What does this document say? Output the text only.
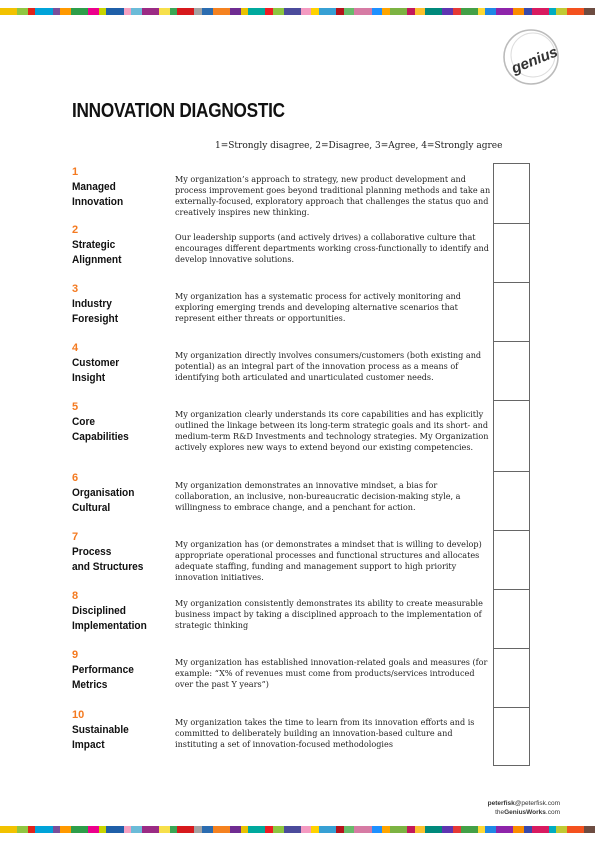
genius
INNOVATION DIAGNOSTIC
1=Strongly disagree, 2=Disagree, 3=Agree, 4=Strongly agree
1
Managed
Innovation
My organization’s approach to strategy, new product development and process improvement goes beyond traditional planning methods and take an externally-focused, exploratory approach that challenges the status quo and creatively inspires new thinking.
2
Strategic
Alignment
Our leadership supports (and actively drives) a collaborative culture that encourages different departments working cross-functionally to identify and develop innovative solutions.
3
Industry
Foresight
My organization has a systematic process for actively monitoring and exploring emerging trends and developing alternative scenarios that represent either threats or opportunities.
4
Customer
Insight
My organization directly involves consumers/customers (both existing and potential) as an integral part of the innovation process as a means of identifying both articulated and unarticulated customer needs.
5
Core
Capabilities
My organization clearly understands its core capabilities and has explicitly outlined the linkage between its long-term strategic goals and its short- and medium-term R&D Investments and technology strategies. My Organization actively explores new ways to extend beyond our existing competencies.
6
Organisation
Cultural
My organization demonstrates an innovative mindset, a bias for collaboration, an inclusive, non-bureaucratic decision-making style, a willingness to embrace change, and a penchant for action.
7
Process
and Structures
My organization has (or demonstrates a mindset that is willing to develop) appropriate operational processes and functional structures and allocates adequate staffing, funding and management support to high priority innovation initiatives.
8
Disciplined
Implementation
My organization consistently demonstrates its ability to create measurable business impact by taking a disciplined approach to the implementation of strategic thinking
9
Performance
Metrics
My organization has established innovation-related goals and measures (for example: “X% of revenues must come from products/services introduced over the past Y years”)
10
Sustainable
Impact
My organization takes the time to learn from its innovation efforts and is committed to deliberately building an innovation-based culture and instituting a set of innovation-focused methodologies
peterfisk@peterfisk.com
theGeniusWorks.com
